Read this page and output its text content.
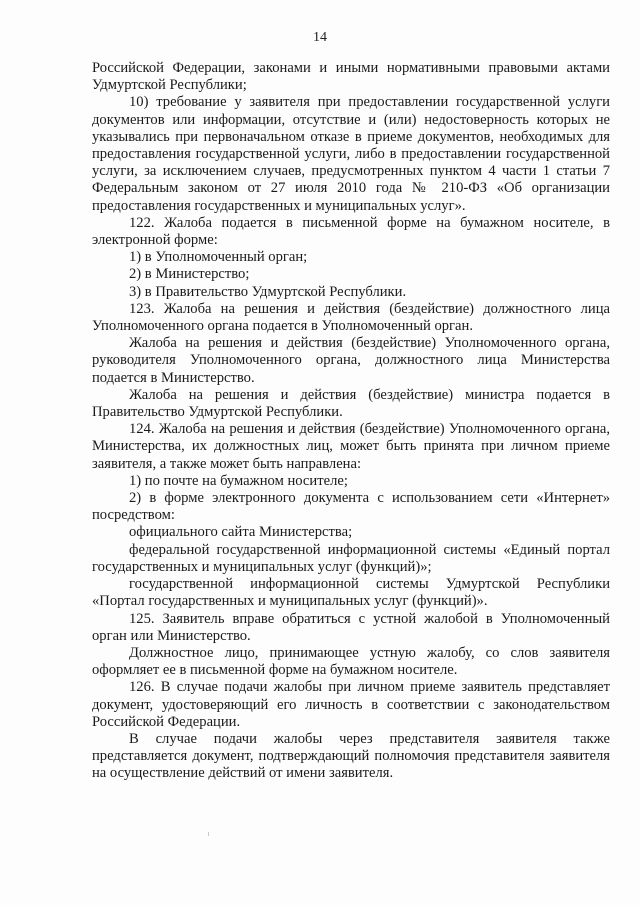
14

Российской Федерации, законами и иными нормативными правовыми актами Удмуртской Республики;

10) требование у заявителя при предоставлении государственной услуги документов или информации, отсутствие и (или) недостоверность которых не указывались при первоначальном отказе в приеме документов, необходимых для предоставления государственной услуги, либо в предоставлении государственной услуги, за исключением случаев, предусмотренных пунктом 4 части 1 статьи 7 Федеральным законом от 27 июля 2010 года № 210-ФЗ «Об организации предоставления государственных и муниципальных услуг».

122. Жалоба подается в письменной форме на бумажном носителе, в электронной форме:

1) в Уполномоченный орган;

2) в Министерство;

3) в Правительство Удмуртской Республики.

123. Жалоба на решения и действия (бездействие) должностного лица Уполномоченного органа подается в Уполномоченный орган.

Жалоба на решения и действия (бездействие) Уполномоченного органа, руководителя Уполномоченного органа, должностного лица Министерства подается в Министерство.

Жалоба на решения и действия (бездействие) министра подается в Правительство Удмуртской Республики.

124. Жалоба на решения и действия (бездействие) Уполномоченного органа, Министерства, их должностных лиц, может быть принята при личном приеме заявителя, а также может быть направлена:

1) по почте на бумажном носителе;

2) в форме электронного документа с использованием сети «Интернет» посредством:

официального сайта Министерства;

федеральной государственной информационной системы «Единый портал государственных и муниципальных услуг (функций)»;

государственной информационной системы Удмуртской Республики «Портал государственных и муниципальных услуг (функций)».

125. Заявитель вправе обратиться с устной жалобой в Уполномоченный орган или Министерство.

Должностное лицо, принимающее устную жалобу, со слов заявителя оформляет ее в письменной форме на бумажном носителе.

126. В случае подачи жалобы при личном приеме заявитель представляет документ, удостоверяющий его личность в соответствии с законодательством Российской Федерации.

В случае подачи жалобы через представителя заявителя также представляется документ, подтверждающий полномочия представителя заявителя на осуществление действий от имени заявителя.
